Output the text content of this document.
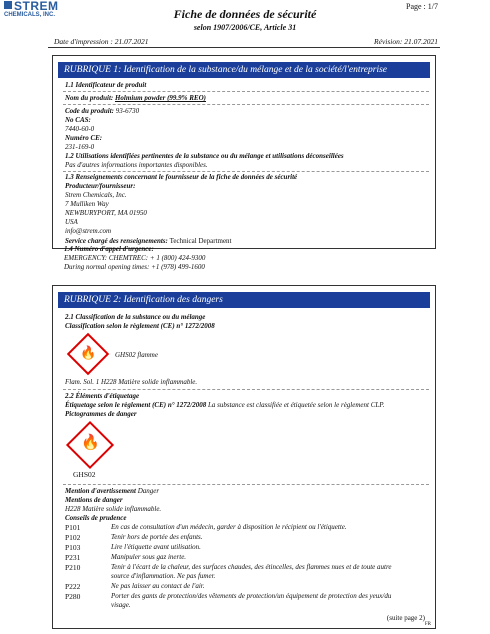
STREM
CHEMICALS, INC.
Page : 1/7
Fiche de données de sécurité
selon 1907/2006/CE, Article 31
Date d'impression : 21.07.2021	Révision: 21.07.2021
RUBRIQUE 1: Identification de la substance/du mélange et de la société/l'entreprise
1.1 Identificateur de produit
Nom du produit: Holmium powder (99.9% REO)
Code du produit: 93-6730
No CAS:
7440-60-0
Numéro CE:
231-169-0
1.2 Utilisations identifiées pertinentes de la substance ou du mélange et utilisations déconseillées
Pas d'autres informations importantes disponibles.
1.3 Renseignements concernant le fournisseur de la fiche de données de sécurité
Producteur/fournisseur:
Strem Chemicals, Inc.
7 Mulliken Way
NEWBURYPORT, MA 01950
USA
info@strem.com
Service chargé des renseignements: Technical Department
1.4 Numéro d'appel d'urgence:
EMERGENCY: CHEMTREC: + 1 (800) 424-9300
During normal opening times: +1 (978) 499-1600
RUBRIQUE 2: Identification des dangers
2.1 Classification de la substance ou du mélange
Classification selon le règlement (CE) n° 1272/2008
🔥	GHS02 flamme
Flam. Sol. 1 H228 Matière solide inflammable.
2.2 Éléments d'étiquetage
Étiquetage selon le règlement (CE) n° 1272/2008 La substance est classifiée et étiquetée selon le règlement CLP.
Pictogrammes de danger
🔥
GHS02
Mention d'avertissement Danger
Mentions de danger
H228 Matière solide inflammable.
Conseils de prudence
P101	En cas de consultation d'un médecin, garder à disposition le récipient ou l'étiquette.
P102	Tenir hors de portée des enfants.
P103	Lire l'étiquette avant utilisation.
P231	Manipuler sous gaz inerte.
P210	Tenir à l'écart de la chaleur, des surfaces chaudes, des étincelles, des flammes nues et de toute autre
source d'inflammation. Ne pas fumer.
P222	Ne pas laisser au contact de l'air.
P280	Porter des gants de protection/des vêtements de protection/un équipement de protection des yeux/du
visage.
(suite page 2)
FR
